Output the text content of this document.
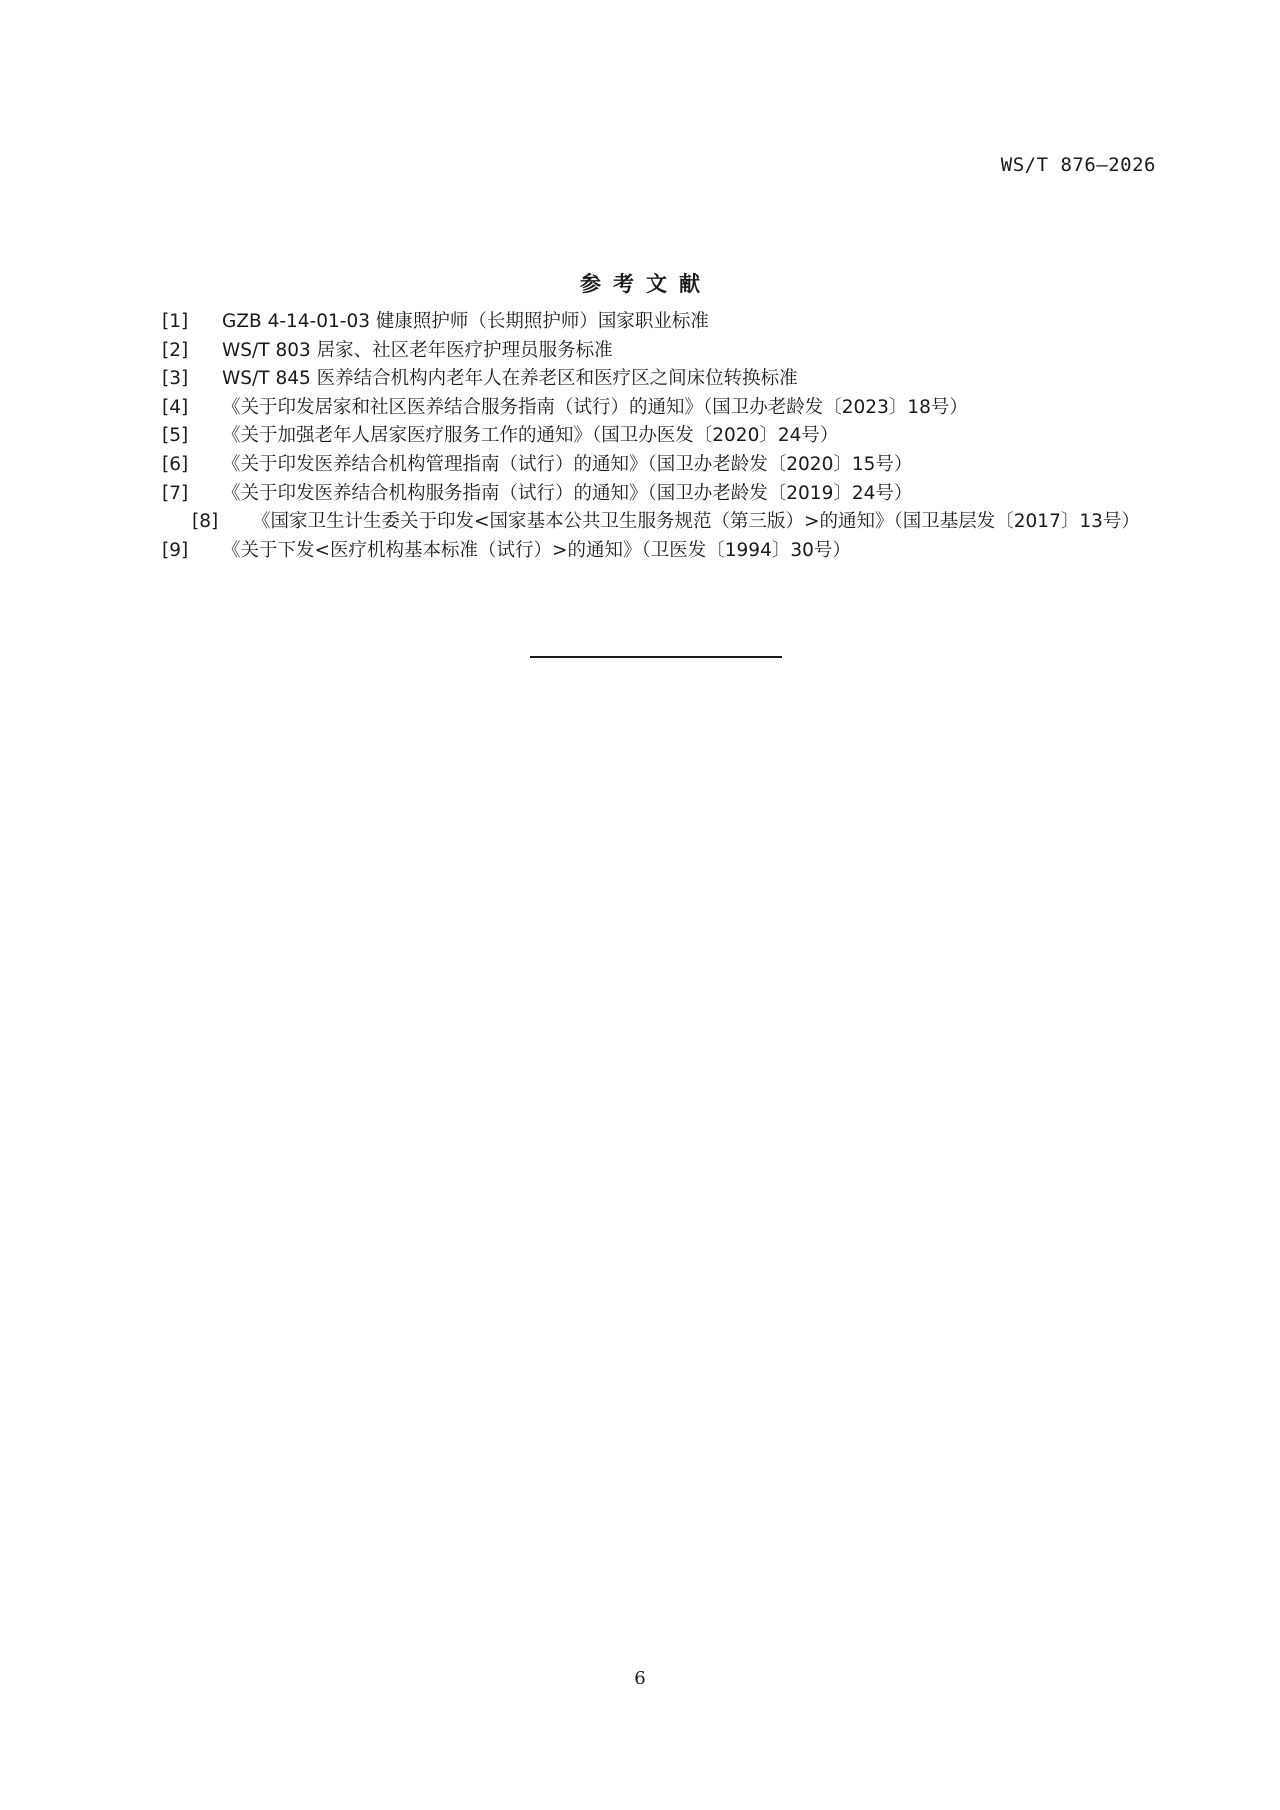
WS/T 876—2026
参考文献
[1] GZB 4-14-01-03 健康照护师（长期照护师）国家职业标准
[2] WS/T 803 居家、社区老年医疗护理员服务标准
[3] WS/T 845 医养结合机构内老年人在养老区和医疗区之间床位转换标准
[4] 《关于印发居家和社区医养结合服务指南（试行）的通知》（国卫办老龄发〔2023〕18号）
[5] 《关于加强老年人居家医疗服务工作的通知》（国卫办医发〔2020〕24号）
[6] 《关于印发医养结合机构管理指南（试行）的通知》（国卫办老龄发〔2020〕15号）
[7] 《关于印发医养结合机构服务指南（试行）的通知》（国卫办老龄发〔2019〕24号）
[8] 《国家卫生计生委关于印发<国家基本公共卫生服务规范（第三版）>的通知》（国卫基层发〔2017〕13号）
[9] 《关于下发<医疗机构基本标准（试行）>的通知》（卫医发〔1994〕30号）
6
